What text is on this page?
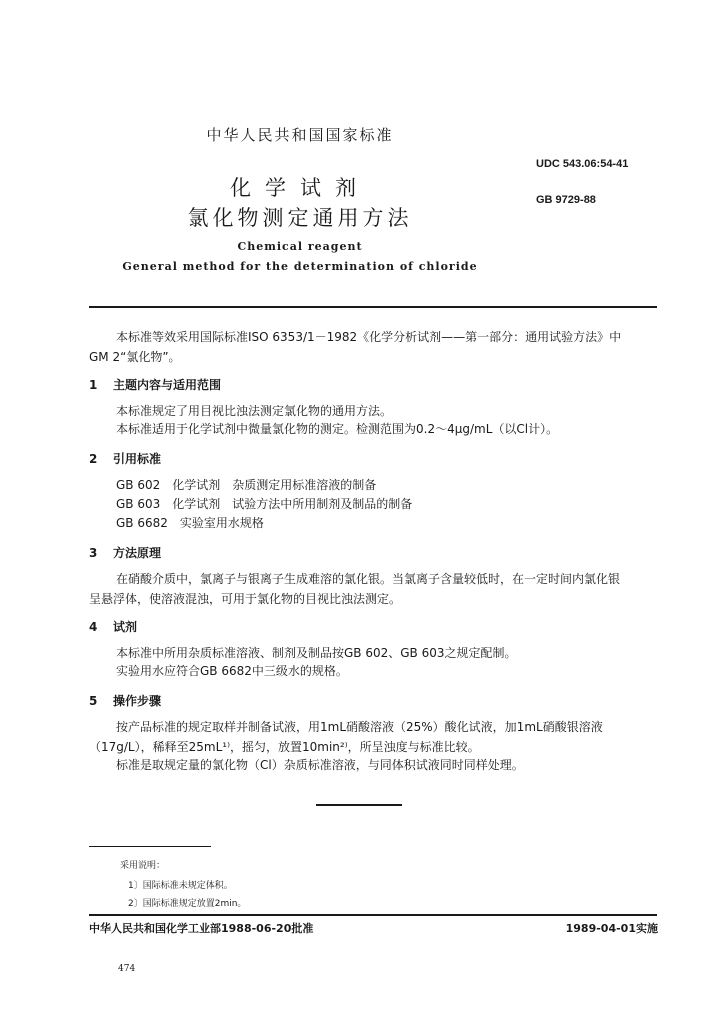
中华人民共和国国家标准
UDC 543.06:54-41
GB 9729-88
化学试剂
氯化物测定通用方法
Chemical reagent
General method for the determination of chloride
本标准等效采用国际标准ISO 6353/1－1982《化学分析试剂——第一部分：通用试验方法》中
GM 2“氯化物”。
1 主题内容与适用范围
本标准规定了用目视比浊法测定氯化物的通用方法。
本标准适用于化学试剂中微量氯化物的测定。检测范围为0.2～4μg/mL（以Cl计）。
2 引用标准
GB 602　化学试剂　杂质测定用标准溶液的制备
GB 603　化学试剂　试验方法中所用制剂及制品的制备
GB 6682　实验室用水规格
3 方法原理
在硝酸介质中，氯离子与银离子生成难溶的氯化银。当氯离子含量较低时，在一定时间内氯化银
呈悬浮体，使溶液混浊，可用于氯化物的目视比浊法测定。
4 试剂
本标准中所用杂质标准溶液、制剂及制品按GB 602、GB 603之规定配制。
实验用水应符合GB 6682中三级水的规格。
5 操作步骤
按产品标准的规定取样并制备试液，用1mL硝酸溶液（25%）酸化试液，加1mL硝酸银溶液
（17g/L），稀释至25mL¹⁾，摇匀，放置10min²⁾，所呈浊度与标准比较。
标准是取规定量的氯化物（Cl）杂质标准溶液，与同体积试液同时同样处理。
采用说明：
1〕国际标准未规定体积。
2〕国际标准规定放置2min。
中华人民共和国化学工业部1988-06-20批准	1989-04-01实施
474
